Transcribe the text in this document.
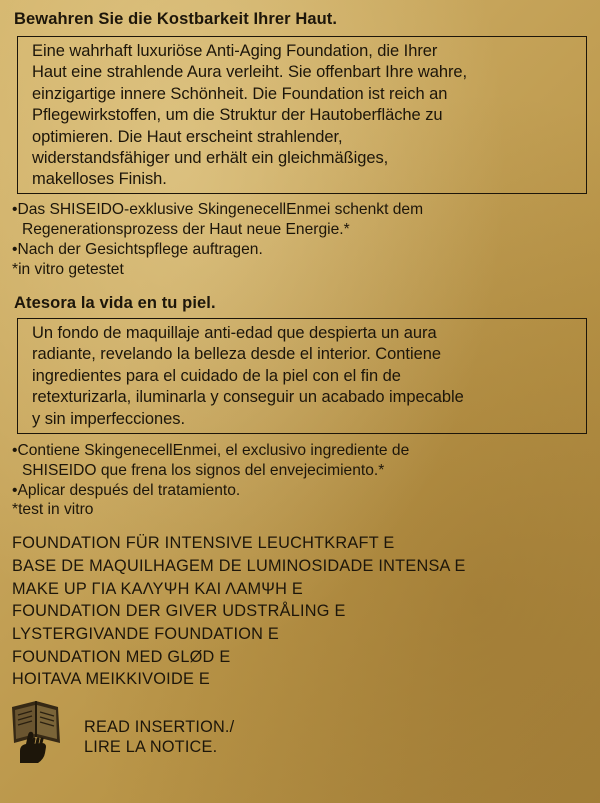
Bewahren Sie die Kostbarkeit Ihrer Haut.

Eine wahrhaft luxuriöse Anti-Aging Foundation, die Ihrer

Haut eine strahlende Aura verleiht. Sie offenbart Ihre wahre,

einzigartige innere Schönheit. Die Foundation ist reich an

Pflegewirkstoffen, um die Struktur der Hautoberfläche zu

optimieren. Die Haut erscheint strahlender,

widerstandsfähiger und erhält ein gleichmäßiges,

makelloses Finish.

•Das SHISEIDO-exklusive SkingenecellEnmei schenkt dem

Regenerationsprozess der Haut neue Energie.*

•Nach der Gesichtspflege auftragen.

*in vitro getestet

Atesora la vida en tu piel.

Un fondo de maquillaje anti-edad que despierta un aura

radiante, revelando la belleza desde el interior. Contiene

ingredientes para el cuidado de la piel con el fin de

retexturizarla, iluminarla y conseguir un acabado impecable

y sin imperfecciones.

•Contiene SkingenecellEnmei, el exclusivo ingrediente de

SHISEIDO que frena los signos del envejecimiento.*

•Aplicar después del tratamiento.

*test in vitro

FOUNDATION FÜR INTENSIVE LEUCHTKRAFT E

BASE DE MAQUILHAGEM DE LUMINOSIDADE INTENSA E

MAKE UP ΓΙΑ ΚΑΛΥΨΗ ΚΑΙ ΛΑΜΨΗ E

FOUNDATION DER GIVER UDSTRÅLING E

LYSTERGIVANDE FOUNDATION E

FOUNDATION MED GLØD E

HOITAVA MEIKKIVOIDE E

READ INSERTION./

LIRE LA NOTICE.
